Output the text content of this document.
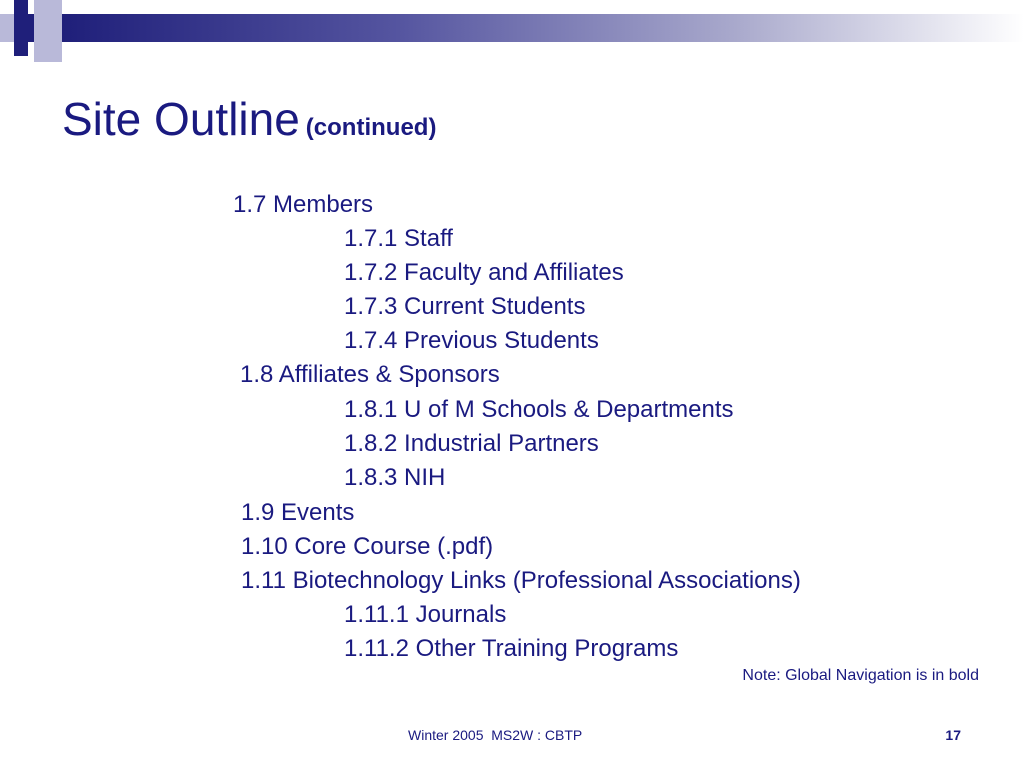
Site Outline (continued)
1.7 Members
1.7.1 Staff
1.7.2 Faculty and Affiliates
1.7.3 Current Students
1.7.4 Previous Students
1.8 Affiliates & Sponsors
1.8.1 U of M Schools & Departments
1.8.2 Industrial Partners
1.8.3 NIH
1.9 Events
1.10 Core Course (.pdf)
1.11 Biotechnology Links (Professional Associations)
1.11.1 Journals
1.11.2 Other Training Programs
Note: Global Navigation is in bold
Winter 2005  MS2W : CBTP	17
